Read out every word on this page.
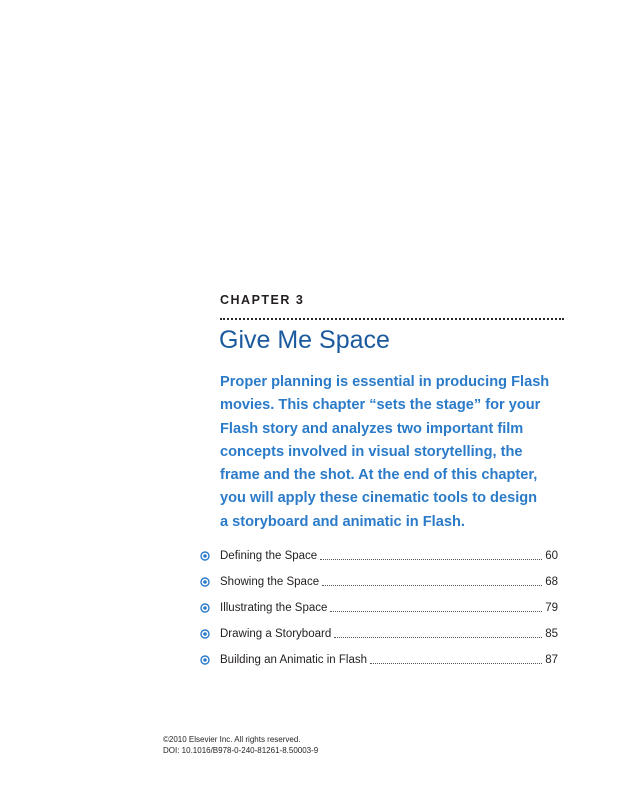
CHAPTER 3
Give Me Space
Proper planning is essential in producing Flash
movies. This chapter “sets the stage” for your
Flash story and analyzes two important film
concepts involved in visual storytelling, the
frame and the shot. At the end of this chapter,
you will apply these cinematic tools to design
a storyboard and animatic in Flash.
Defining the Space	60
Showing the Space	68
Illustrating the Space	79
Drawing a Storyboard	85
Building an Animatic in Flash	87
©2010 Elsevier Inc. All rights reserved.
DOI: 10.1016/B978-0-240-81261-8.50003-9
